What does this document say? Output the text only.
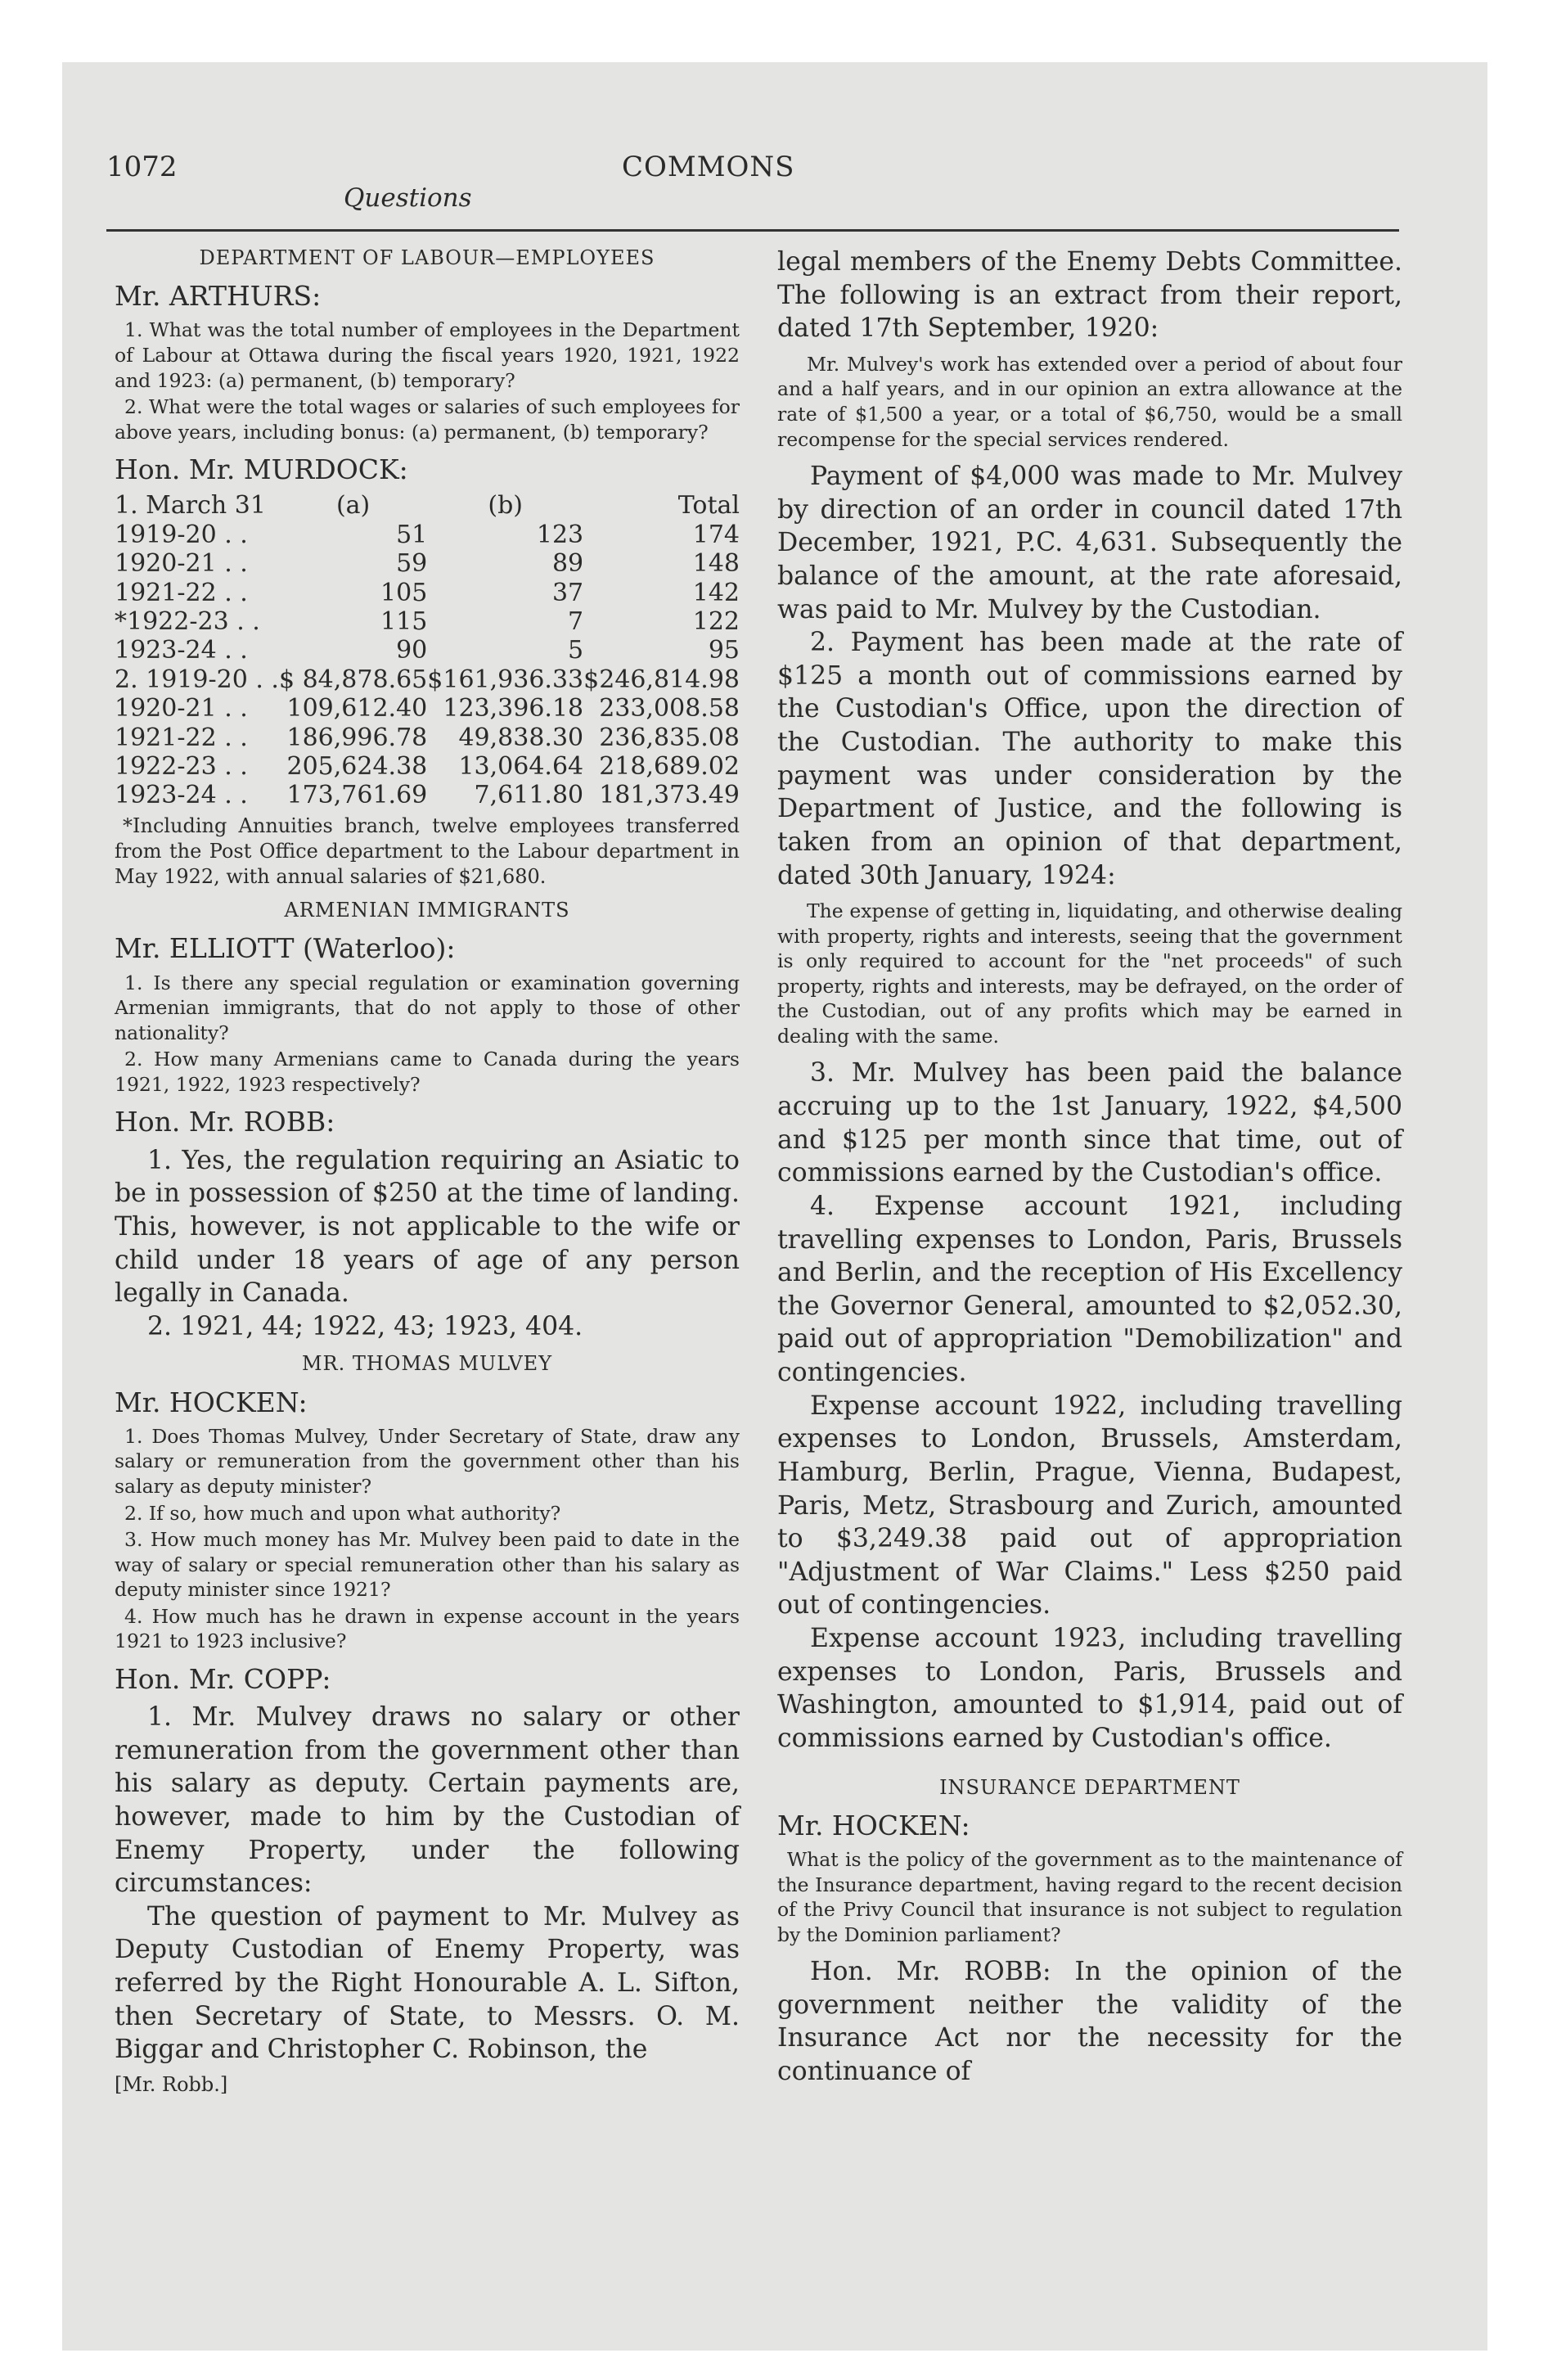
1072	COMMONS
Questions
DEPARTMENT OF LABOUR—EMPLOYEES
Mr. ARTHURS:

1. What was the total number of employees in the Department of Labour at Ottawa during the fiscal years 1920, 1921, 1922 and 1923: (a) permanent, (b) temporary?

2. What were the total wages or salaries of such employees for above years, including bonus: (a) permanent, (b) temporary?

Hon. Mr. MURDOCK:
1. March 31	(a)	(b)	Total
1919-20 . .	51	123	174
1920-21 . .	59	89	148
1921-22 . .	105	37	142
*1922-23 . .	115	7	122
1923-24 . .	90	5	95
2. 1919-20 . .	$ 84,878.65	$161,936.33	$246,814.98
1920-21 . .	109,612.40	123,396.18	233,008.58
1921-22 . .	186,996.78	49,838.30	236,835.08
1922-23 . .	205,624.38	13,064.64	218,689.02
1923-24 . .	173,761.69	7,611.80	181,373.49

*Including Annuities branch, twelve employees transferred from the Post Office department to the Labour department in May 1922, with annual salaries of $21,680.

ARMENIAN IMMIGRANTS
Mr. ELLIOTT (Waterloo):

1. Is there any special regulation or examination governing Armenian immigrants, that do not apply to those of other nationality?

2. How many Armenians came to Canada during the years 1921, 1922, 1923 respectively?

Hon. Mr. ROBB:

1. Yes, the regulation requiring an Asiatic to be in possession of $250 at the time of landing. This, however, is not applicable to the wife or child under 18 years of age of any person legally in Canada.

2. 1921, 44; 1922, 43; 1923, 404.

MR. THOMAS MULVEY
Mr. HOCKEN:

1. Does Thomas Mulvey, Under Secretary of State, draw any salary or remuneration from the government other than his salary as deputy minister?

2. If so, how much and upon what authority?

3. How much money has Mr. Mulvey been paid to date in the way of salary or special remuneration other than his salary as deputy minister since 1921?

4. How much has he drawn in expense account in the years 1921 to 1923 inclusive?

Hon. Mr. COPP:

1. Mr. Mulvey draws no salary or other remuneration from the government other than his salary as deputy. Certain payments are, however, made to him by the Custodian of Enemy Property, under the following circumstances:

The question of payment to Mr. Mulvey as Deputy Custodian of Enemy Property, was referred by the Right Honourable A. L. Sifton, then Secretary of State, to Messrs. O. M. Biggar and Christopher C. Robinson, the

[Mr. Robb.]

legal members of the Enemy Debts Committee. The following is an extract from their report, dated 17th September, 1920:

Mr. Mulvey's work has extended over a period of about four and a half years, and in our opinion an extra allowance at the rate of $1,500 a year, or a total of $6,750, would be a small recompense for the special services rendered.

Payment of $4,000 was made to Mr. Mulvey by direction of an order in council dated 17th December, 1921, P.C. 4,631. Subsequently the balance of the amount, at the rate aforesaid, was paid to Mr. Mulvey by the Custodian.

2. Payment has been made at the rate of $125 a month out of commissions earned by the Custodian's Office, upon the direction of the Custodian. The authority to make this payment was under consideration by the Department of Justice, and the following is taken from an opinion of that department, dated 30th January, 1924:

The expense of getting in, liquidating, and otherwise dealing with property, rights and interests, seeing that the government is only required to account for the "net proceeds" of such property, rights and interests, may be defrayed, on the order of the Custodian, out of any profits which may be earned in dealing with the same.

3. Mr. Mulvey has been paid the balance accruing up to the 1st January, 1922, $4,500 and $125 per month since that time, out of commissions earned by the Custodian's office.

4. Expense account 1921, including travelling expenses to London, Paris, Brussels and Berlin, and the reception of His Excellency the Governor General, amounted to $2,052.30, paid out of appropriation "Demobilization" and contingencies.

Expense account 1922, including travelling expenses to London, Brussels, Amsterdam, Hamburg, Berlin, Prague, Vienna, Budapest, Paris, Metz, Strasbourg and Zurich, amounted to $3,249.38 paid out of appropriation "Adjustment of War Claims." Less $250 paid out of contingencies.

Expense account 1923, including travelling expenses to London, Paris, Brussels and Washington, amounted to $1,914, paid out of commissions earned by Custodian's office.

INSURANCE DEPARTMENT
Mr. HOCKEN:

What is the policy of the government as to the maintenance of the Insurance department, having regard to the recent decision of the Privy Council that insurance is not subject to regulation by the Dominion parliament?

Hon. Mr. ROBB: In the opinion of the government neither the validity of the Insurance Act nor the necessity for the continuance of
